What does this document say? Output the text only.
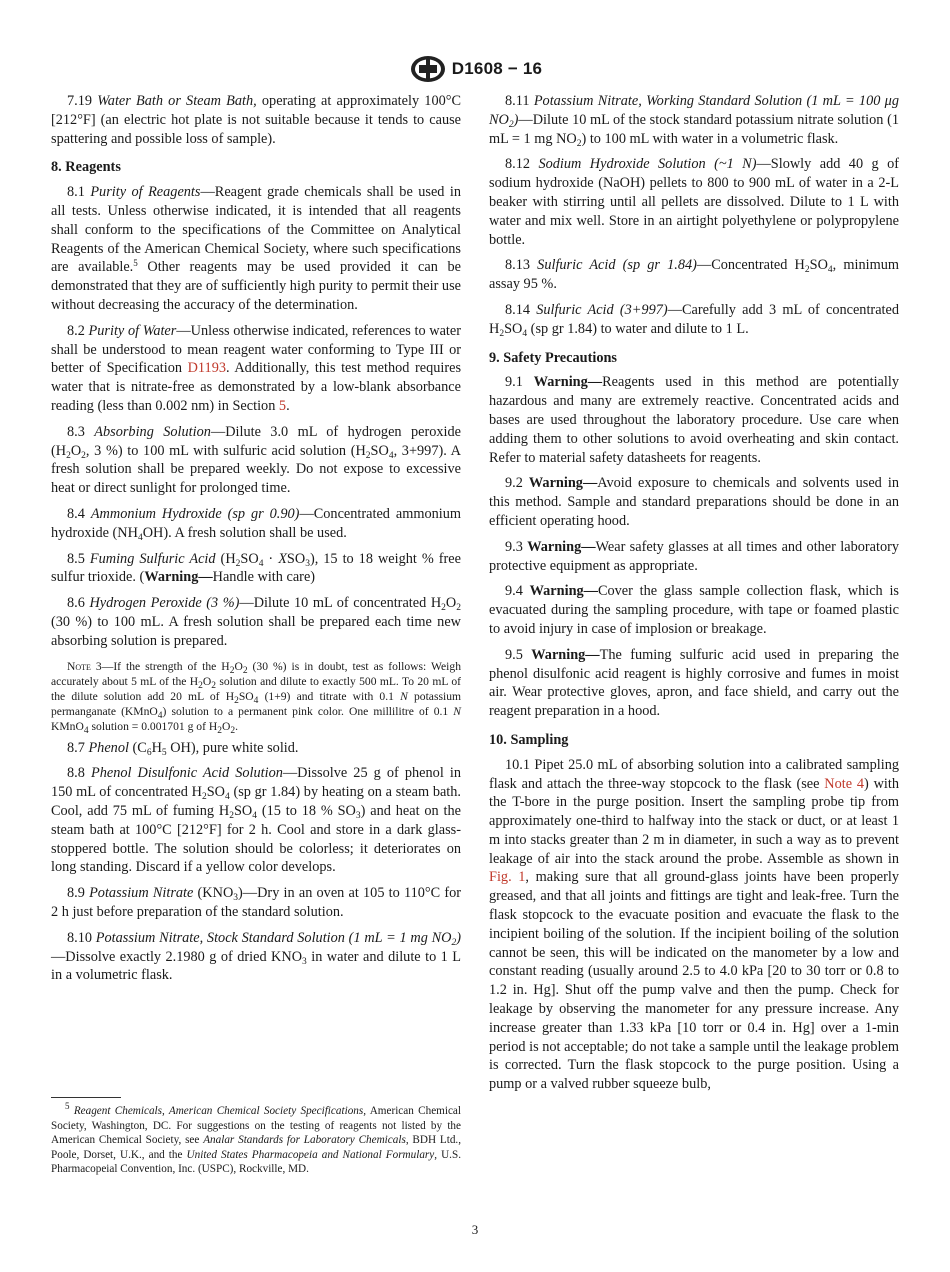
D1608 − 16

7.19 Water Bath or Steam Bath, operating at approximately 100°C [212°F] (an electric hot plate is not suitable because it tends to cause spattering and possible loss of sample).

8. Reagents

8.1 Purity of Reagents—Reagent grade chemicals shall be used in all tests. Unless otherwise indicated, it is intended that all reagents shall conform to the specifications of the Committee on Analytical Reagents of the American Chemical Society, where such specifications are available.$^5$ Other reagents may be used provided it can be demonstrated that they are of sufficiently high purity to permit their use without decreasing the accuracy of the determination.

8.2 Purity of Water—Unless otherwise indicated, references to water shall be understood to mean reagent water conforming to Type III or better of Specification D1193. Additionally, this test method requires water that is nitrate-free as demonstrated by a low-blank absorbance reading (less than 0.002 nm) in Section 5.

8.3 Absorbing Solution—Dilute 3.0 mL of hydrogen peroxide ($H_2O_2$, 3 %) to 100 mL with sulfuric acid solution ($H_2SO_4$, 3+997). A fresh solution shall be prepared weekly. Do not expose to excessive heat or direct sunlight for prolonged time.

8.4 Ammonium Hydroxide (sp gr 0.90)—Concentrated ammonium hydroxide $(NH_4OH)$. A fresh solution shall be used.

8.5 Fuming Sulfuric Acid $(H_2SO_4 \cdot XSO_3)$, 15 to 18 weight % free sulfur trioxide. (Warning—Handle with care)

8.6 Hydrogen Peroxide (3 %)—Dilute 10 mL of concentrated $H_2O_2$ (30 %) to 100 mL. A fresh solution shall be prepared each time new absorbing solution is prepared.

Note 3—If the strength of the $H_2O_2$ (30 %) is in doubt, test as follows: Weigh accurately about 5 mL of the $H_2O_2$ solution and dilute to exactly 500 mL. To 20 mL of the dilute solution add 20 mL of $H_2SO_4$ (1+9) and titrate with 0.1 N potassium permanganate (KMnO$_4$) solution to a permanent pink color. One millilitre of 0.1 N KMnO$_4$ solution = 0.001701 g of $H_2O_2$.

8.7 Phenol ($C_6H_5$ OH), pure white solid.

8.8 Phenol Disulfonic Acid Solution—Dissolve 25 g of phenol in 150 mL of concentrated $H_2SO_4$ (sp gr 1.84) by heating on a steam bath. Cool, add 75 mL of fuming $H_2SO_4$ (15 to 18 % $SO_3$) and heat on the steam bath at 100°C [212°F] for 2 h. Cool and store in a dark glass-stoppered bottle. The solution should be colorless; it deteriorates on long standing. Discard if a yellow color develops.

8.9 Potassium Nitrate $(KNO_3)—Dry$ in an oven at 105 to 110°C for 2 h just before preparation of the standard solution.

8.10 Potassium Nitrate, Stock Standard Solution (1 mL = 1 mg $NO_2)—Dissolve$ exactly 2.1980 g of dried $KNO_3$ in water and dilute to 1 L in a volumetric flask.

$^5$ Reagent Chemicals, American Chemical Society Specifications, American Chemical Society, Washington, DC. For suggestions on the testing of reagents not listed by the American Chemical Society, see Analar Standards for Laboratory Chemicals, BDH Ltd., Poole, Dorset, U.K., and the United States Pharmacopeia and National Formulary, U.S. Pharmacopeial Convention, Inc. (USPC), Rockville, MD.

8.11 Potassium Nitrate, Working Standard Solution (1 mL = 100 μg $NO_2)—Dilute$ 10 mL of the stock standard potassium nitrate solution (1 mL = 1 mg $NO_2$) to 100 mL with water in a volumetric flask.

8.12 Sodium Hydroxide Solution (~1 N)—Slowly add 40 g of sodium hydroxide (NaOH) pellets to 800 to 900 mL of water in a 2-L beaker with stirring until all pellets are dissolved. Dilute to 1 L with water and mix well. Store in an airtight polyethylene or polypropylene bottle.

8.13 Sulfuric Acid (sp gr 1.84)—Concentrated $H_2SO_4$, minimum assay 95 %.

8.14 Sulfuric Acid (3+997)—Carefully add 3 mL of concentrated $H_2SO_4$ (sp gr 1.84) to water and dilute to 1 L.

9. Safety Precautions

9.1 Warning—Reagents used in this method are potentially hazardous and many are extremely reactive. Concentrated acids and bases are used throughout the laboratory procedure. Use care when adding them to other solutions to avoid overheating and skin contact. Refer to material safety datasheets for reagents.

9.2 Warning—Avoid exposure to chemicals and solvents used in this method. Sample and standard preparations should be done in an efficient operating hood.

9.3 Warning—Wear safety glasses at all times and other laboratory protective equipment as appropriate.

9.4 Warning—Cover the glass sample collection flask, which is evacuated during the sampling procedure, with tape or foamed plastic to avoid injury in case of implosion or breakage.

9.5 Warning—The fuming sulfuric acid used in preparing the phenol disulfonic acid reagent is highly corrosive and fumes in moist air. Wear protective gloves, apron, and face shield, and carry out the reagent preparation in a hood.

10. Sampling

10.1 Pipet 25.0 mL of absorbing solution into a calibrated sampling flask and attach the three-way stopcock to the flask (see Note 4) with the T-bore in the purge position. Insert the sampling probe tip from approximately one-third to halfway into the stack or duct, or at least 1 m into stacks greater than 2 m in diameter, in such a way as to prevent leakage of air into the stack around the probe. Assemble as shown in Fig. 1, making sure that all ground-glass joints have been properly greased, and that all joints and fittings are tight and leak-free. Turn the flask stopcock to the evacuate position and evacuate the flask to the incipient boiling of the solution. If the incipient boiling of the solution cannot be seen, this will be indicated on the manometer by a low and constant reading (usually around 2.5 to 4.0 kPa [20 to 30 torr or 0.8 to 1.2 in. Hg]. Shut off the pump valve and then the pump. Check for leakage by observing the manometer for any pressure increase. Any increase greater than 1.33 kPa [10 torr or 0.4 in. Hg] over a 1-min period is not acceptable; do not take a sample until the leakage problem is corrected. Turn the flask stopcock to the purge position. Using a pump or a valved rubber squeeze bulb,

3
